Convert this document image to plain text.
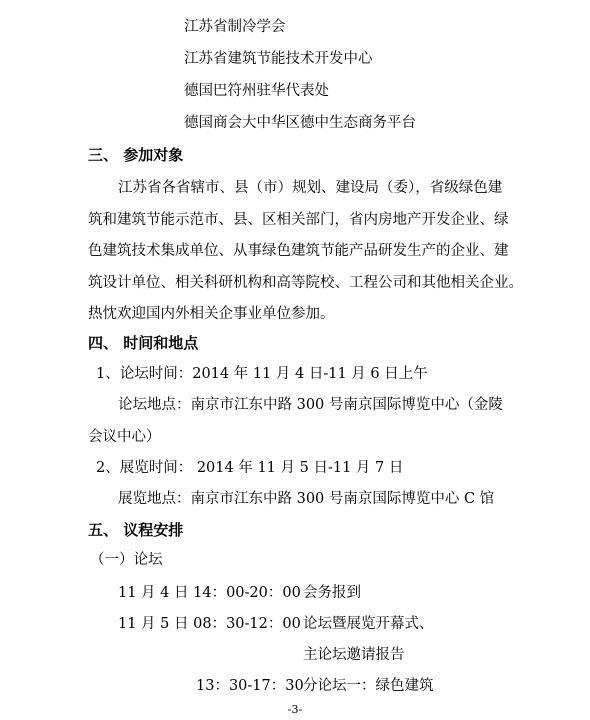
江苏省制冷学会
江苏省建筑节能技术开发中心
德国巴符州驻华代表处
德国商会大中华区德中生态商务平台
三、 参加对象
江苏省各省辖市、县（市）规划、建设局（委），省级绿色建
筑和建筑节能示范市、县、区相关部门，省内房地产开发企业、绿
色建筑技术集成单位、从事绿色建筑节能产品研发生产的企业、建
筑设计单位、相关科研机构和高等院校、工程公司和其他相关企业。
热忱欢迎国内外相关企事业单位参加。
四、 时间和地点
1、论坛时间：2014 年 11 月 4 日-11 月 6 日上午
论坛地点：南京市江东中路 300 号南京国际博览中心（金陵
会议中心）
2、展览时间： 2014 年 11 月 5 日-11 月 7 日
展览地点：南京市江东中路 300 号南京国际博览中心 C 馆
五、 议程安排
（一）论坛
11 月 4 日 14：00-20：00 会务报到
11 月 5 日 08：30-12：00 论坛暨展览开幕式、
主论坛邀请报告
13：30-17：30 分论坛一：绿色建筑
-3-
